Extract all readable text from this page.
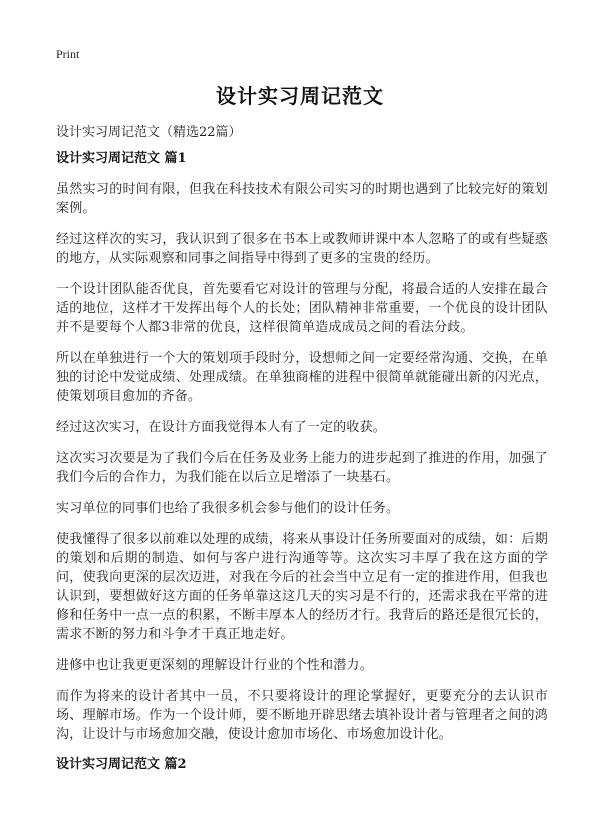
Print
设计实习周记范文
设计实习周记范文（精选22篇）
设计实习周记范文 篇1

虽然实习的时间有限，但我在科技技术有限公司实习的时期也遇到了比较完好的策划案例。

经过这样次的实习，我认识到了很多在书本上或教师讲课中本人忽略了的或有些疑惑的地方，从实际观察和同事之间指导中得到了更多的宝贵的经历。

一个设计团队能否优良，首先要看它对设计的管理与分配，将最合适的人安排在最合适的地位，这样才干发挥出每个人的长处；团队精神非常重要，一个优良的设计团队并不是要每个人都3非常的优良，这样很简单造成成员之间的看法分歧。

所以在单独进行一个大的策划项手段时分，设想师之间一定要经常沟通、交换，在单独的讨论中发觉成绩、处理成绩。在单独商榷的进程中很简单就能碰出新的闪光点，使策划项目愈加的齐备。

经过这次实习，在设计方面我觉得本人有了一定的收获。

这次实习次要是为了我们今后在任务及业务上能力的进步起到了推进的作用，加强了我们今后的合作力，为我们能在以后立足增添了一块基石。

实习单位的同事们也给了我很多机会参与他们的设计任务。

使我懂得了很多以前难以处理的成绩，将来从事设计任务所要面对的成绩，如：后期的策划和后期的制造、如何与客户进行沟通等等。这次实习丰厚了我在这方面的学问，使我向更深的层次迈进，对我在今后的社会当中立足有一定的推进作用，但我也认识到，要想做好这方面的任务单靠这这几天的实习是不行的，还需求我在平常的进修和任务中一点一点的积累，不断丰厚本人的经历才行。我背后的路还是很冗长的，需求不断的努力和斗争才干真正地走好。

进修中也让我更更深刻的理解设计行业的个性和潜力。

而作为将来的设计者其中一员，不只要将设计的理论掌握好，更要充分的去认识市场、理解市场。作为一个设计师，要不断地开辟思绪去填补设计者与管理者之间的鸿沟，让设计与市场愈加交融，使设计愈加市场化、市场愈加设计化。

设计实习周记范文 篇2
